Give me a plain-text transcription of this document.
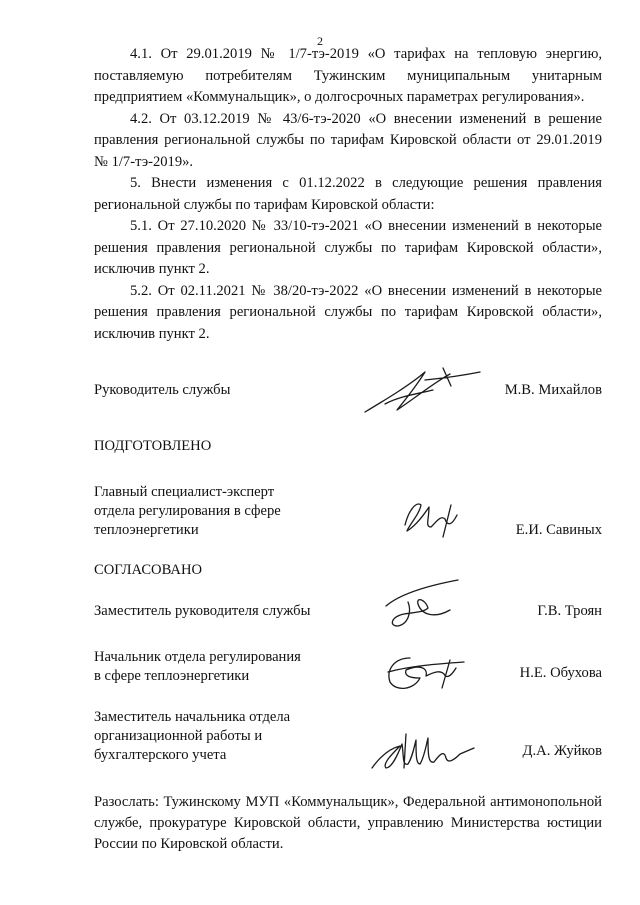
2
4.1. От 29.01.2019 № 1/7-тэ-2019 «О тарифах на тепловую энергию, поставляемую потребителям Тужинским муниципальным унитарным предприятием «Коммунальщик», о долгосрочных параметрах регулирования».
4.2. От 03.12.2019 № 43/6-тэ-2020 «О внесении изменений в решение правления региональной службы по тарифам Кировской области от 29.01.2019 № 1/7-тэ-2019».
5. Внести изменения с 01.12.2022 в следующие решения правления региональной службы по тарифам Кировской области:
5.1. От 27.10.2020 № 33/10-тэ-2021 «О внесении изменений в некоторые решения правления региональной службы по тарифам Кировской области», исключив пункт 2.
5.2. От 02.11.2021 № 38/20-тэ-2022 «О внесении изменений в некоторые решения правления региональной службы по тарифам Кировской области», исключив пункт 2.
Руководитель службы	М.В. Михайлов
ПОДГОТОВЛЕНО
Главный специалист-эксперт
отдела регулирования в сфере
теплоэнергетики	Е.И. Савиных
СОГЛАСОВАНО
Заместитель руководителя службы	Г.В. Троян
Начальник отдела регулирования
в сфере теплоэнергетики	Н.Е. Обухова
Заместитель начальника отдела
организационной работы и
бухгалтерского учета	Д.А. Жуйков
Разослать: Тужинскому МУП «Коммунальщик», Федеральной антимонопольной службе, прокуратуре Кировской области, управлению Министерства юстиции России по Кировской области.
